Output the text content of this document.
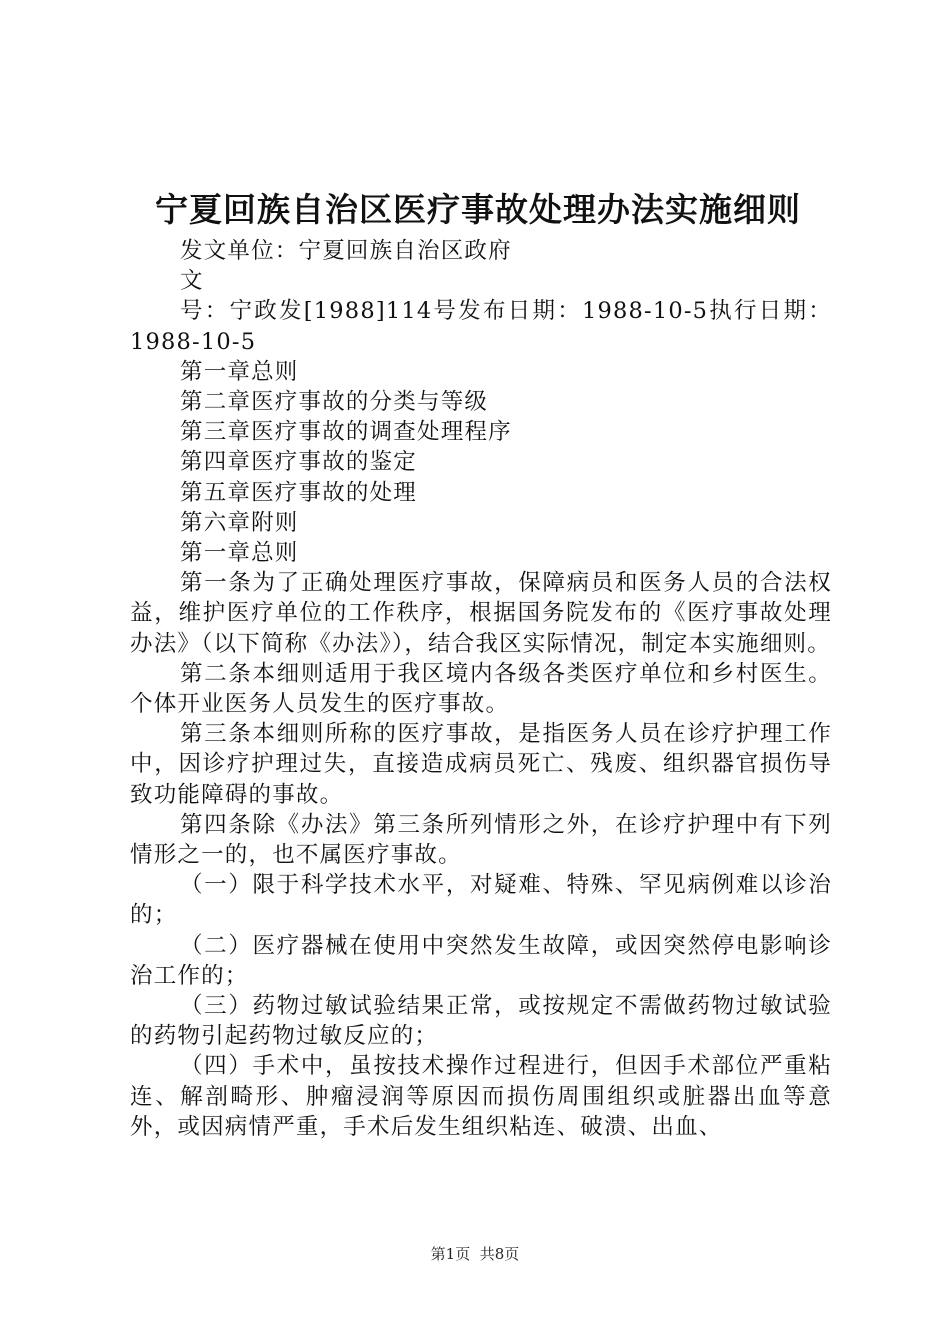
宁夏回族自治区医疗事故处理办法实施细则

发文单位：宁夏回族自治区政府

文

号：宁政发[1988]114号发布日期：1988-10-5执行日期：1988-10-5

第一章总则

第二章医疗事故的分类与等级

第三章医疗事故的调查处理程序

第四章医疗事故的鉴定

第五章医疗事故的处理

第六章附则

第一章总则

第一条为了正确处理医疗事故，保障病员和医务人员的合法权益，维护医疗单位的工作秩序，根据国务院发布的《医疗事故处理办法》（以下简称《办法》），结合我区实际情况，制定本实施细则。

第二条本细则适用于我区境内各级各类医疗单位和乡村医生。个体开业医务人员发生的医疗事故。

第三条本细则所称的医疗事故，是指医务人员在诊疗护理工作中，因诊疗护理过失，直接造成病员死亡、残废、组织器官损伤导致功能障碍的事故。

第四条除《办法》第三条所列情形之外，在诊疗护理中有下列情形之一的，也不属医疗事故。

（一）限于科学技术水平，对疑难、特殊、罕见病例难以诊治的；

（二）医疗器械在使用中突然发生故障，或因突然停电影响诊治工作的；

（三）药物过敏试验结果正常，或按规定不需做药物过敏试验的药物引起药物过敏反应的；

（四）手术中，虽按技术操作过程进行，但因手术部位严重粘连、解剖畸形、肿瘤浸润等原因而损伤周围组织或脏器出血等意外，或因病情严重，手术后发生组织粘连、破溃、出血、

第1页 共8页
